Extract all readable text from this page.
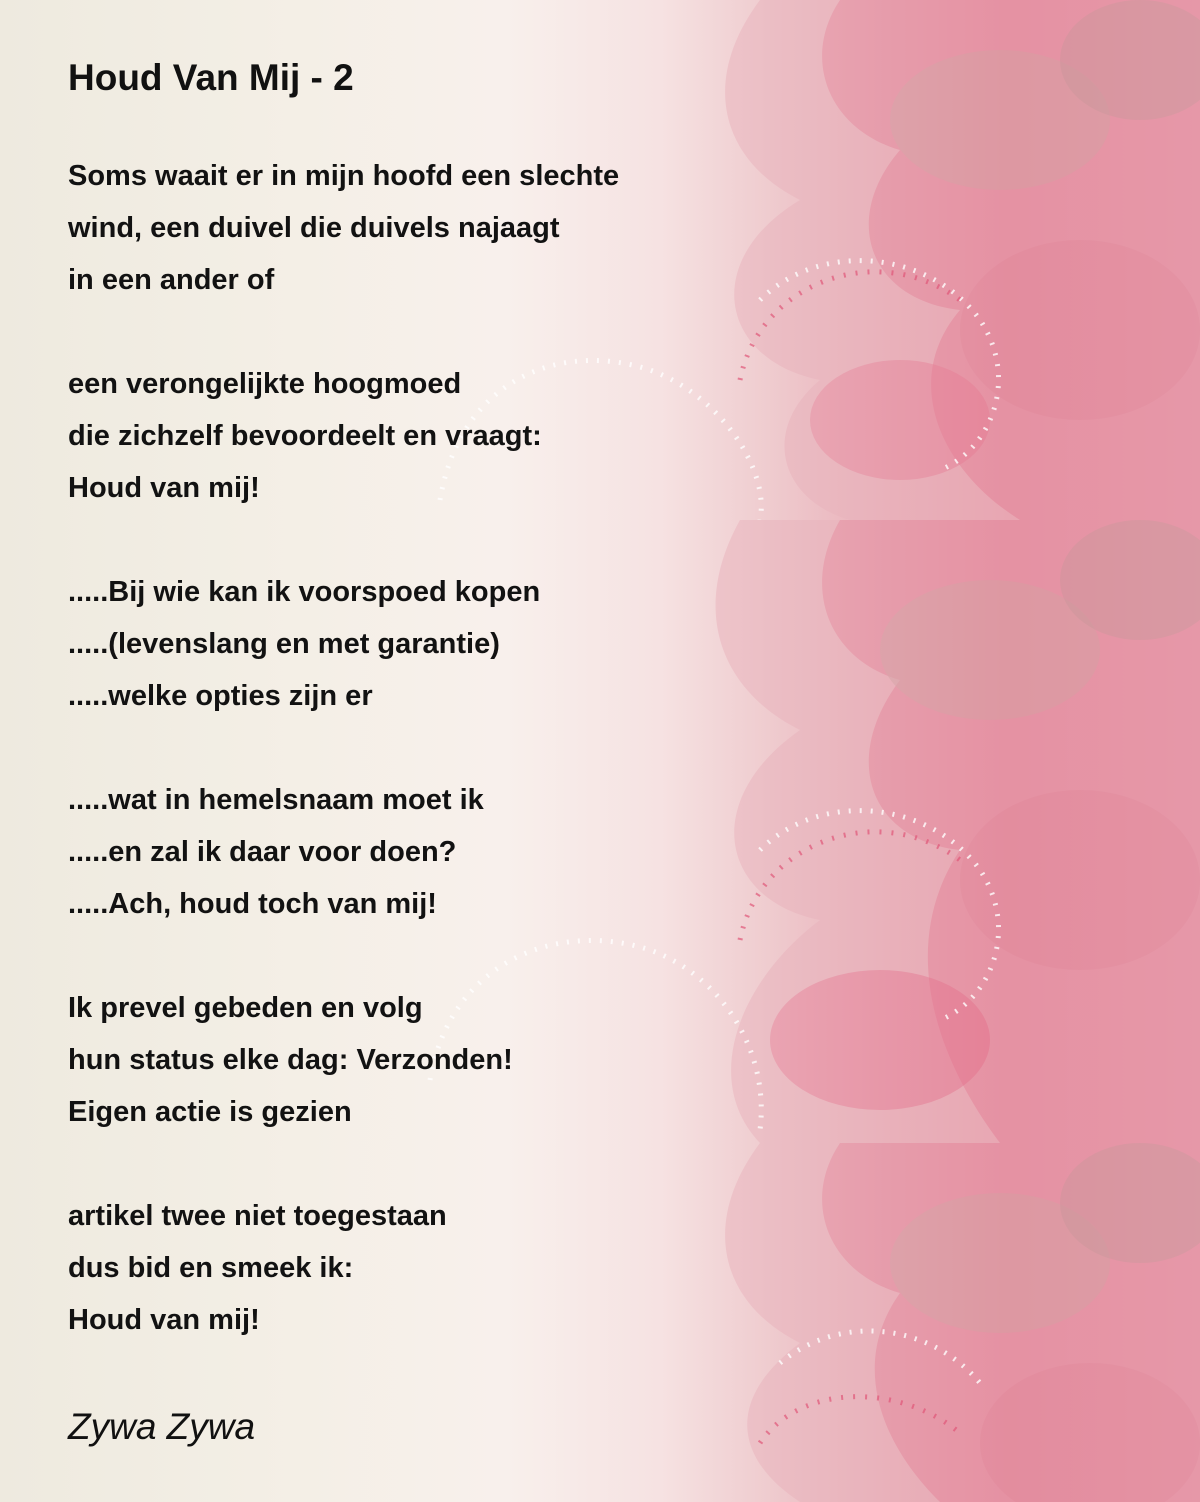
Houd Van Mij - 2
Soms waait er in mijn hoofd een slechte
wind, een duivel die duivels najaagt
in een ander of
een verongelijkte hoogmoed
die zichzelf bevoordeelt en vraagt:
Houd van mij!
.....Bij wie kan ik voorspoed kopen
.....(levenslang en met garantie)
.....welke opties zijn er
.....wat in hemelsnaam moet ik
.....en zal ik daar voor doen?
.....Ach, houd toch van mij!
Ik prevel gebeden en volg
hun status elke dag: Verzonden!
Eigen actie is gezien
artikel twee niet toegestaan
dus bid en smeek ik:
Houd van mij!
Zywa Zywa
